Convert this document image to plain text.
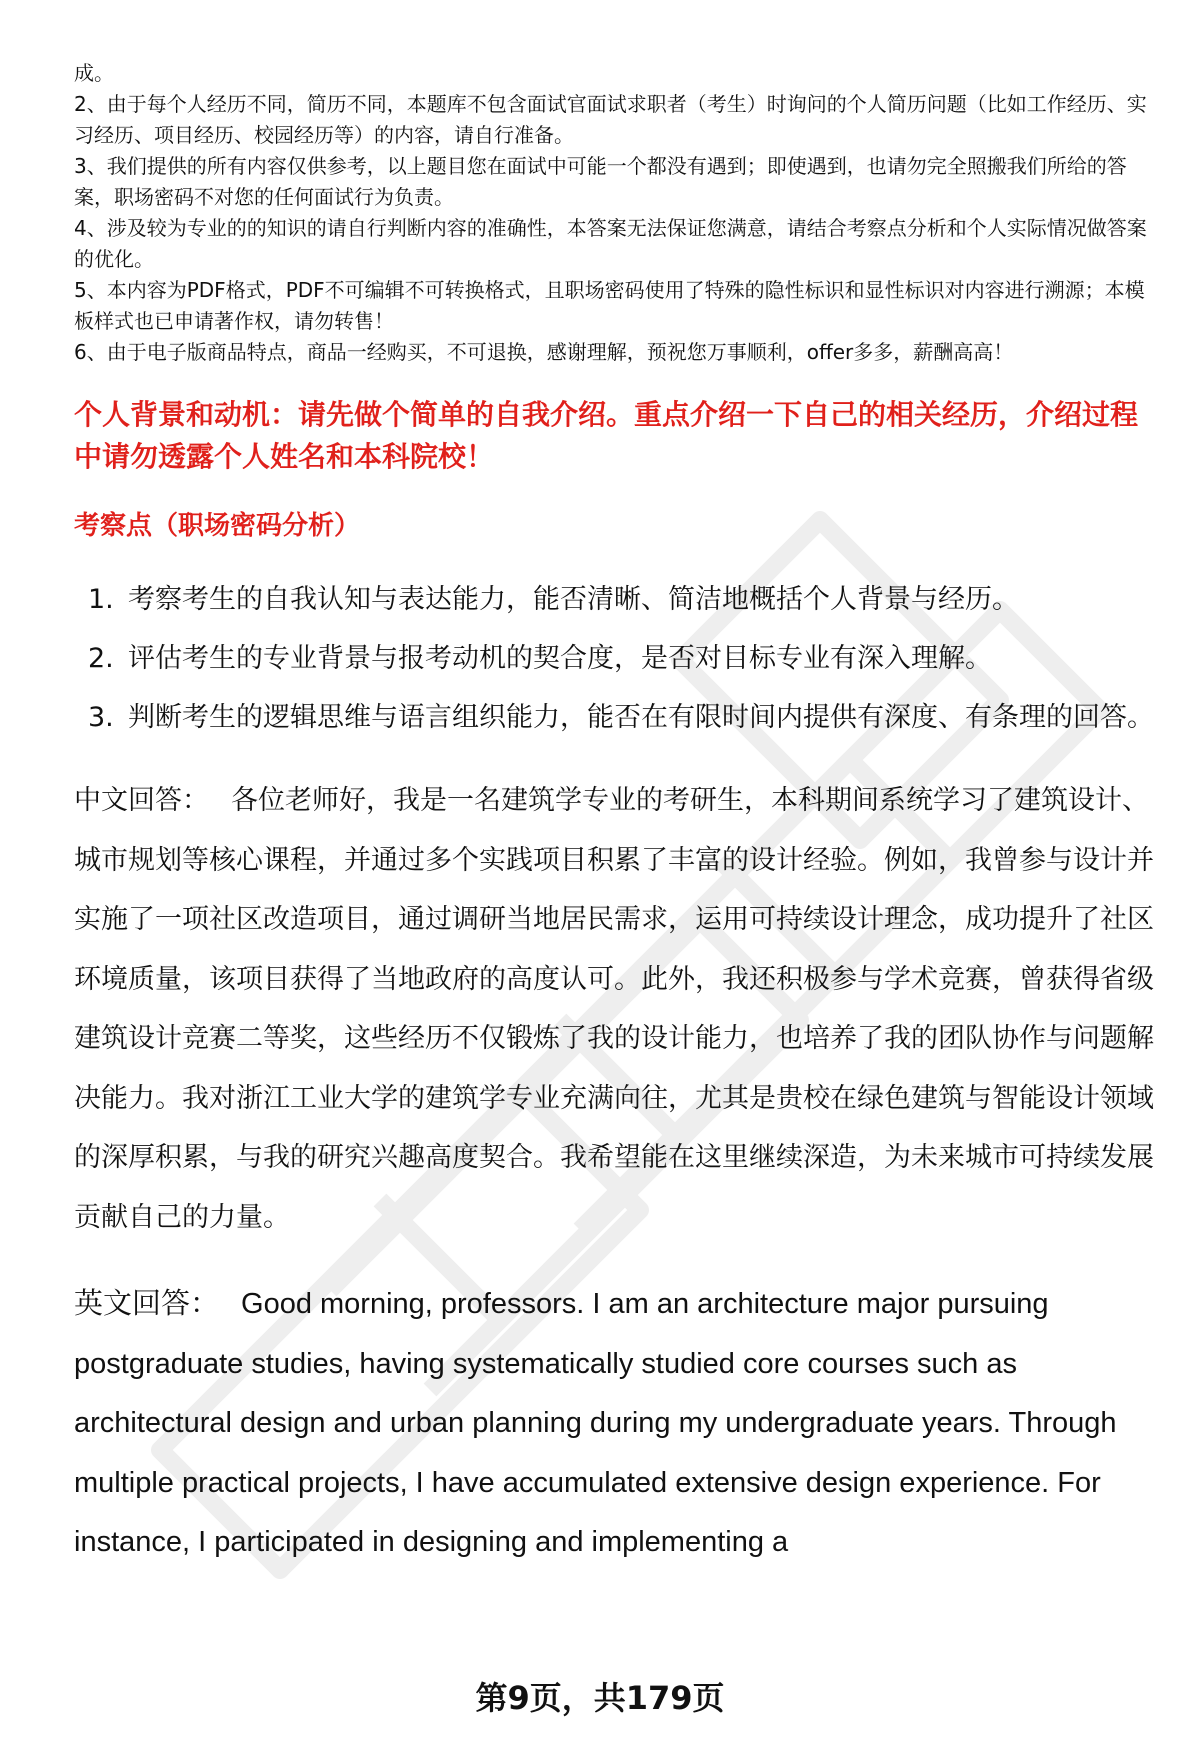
成。

2、由于每个人经历不同，简历不同，本题库不包含面试官面试求职者（考生）时询问的个人简历问题（比如工作经历、实习经历、项目经历、校园经历等）的内容，请自行准备。
3、我们提供的所有内容仅供参考，以上题目您在面试中可能一个都没有遇到；即使遇到，也请勿完全照搬我们所给的答案，职场密码不对您的任何面试行为负责。
4、涉及较为专业的的知识的请自行判断内容的准确性，本答案无法保证您满意，请结合考察点分析和个人实际情况做答案的优化。
5、本内容为PDF格式，PDF不可编辑不可转换格式，且职场密码使用了特殊的隐性标识和显性标识对内容进行溯源；本模板样式也已申请著作权，请勿转售！
6、由于电子版商品特点，商品一经购买，不可退换，感谢理解，预祝您万事顺利，offer多多，薪酬高高！

个人背景和动机：请先做个简单的自我介绍。重点介绍一下自己的相关经历，介绍过程中请勿透露个人姓名和本科院校！

考察点（职场密码分析）

1. 考察考生的自我认知与表达能力，能否清晰、简洁地概括个人背景与经历。
2. 评估考生的专业背景与报考动机的契合度，是否对目标专业有深入理解。
3. 判断考生的逻辑思维与语言组织能力，能否在有限时间内提供有深度、有条理的回答。

中文回答： 各位老师好，我是一名建筑学专业的考研生，本科期间系统学习了建筑设计、城市规划等核心课程，并通过多个实践项目积累了丰富的设计经验。例如，我曾参与设计并实施了一项社区改造项目，通过调研当地居民需求，运用可持续设计理念，成功提升了社区环境质量，该项目获得了当地政府的高度认可。此外，我还积极参与学术竞赛，曾获得省级建筑设计竞赛二等奖，这些经历不仅锻炼了我的设计能力，也培养了我的团队协作与问题解决能力。我对浙江工业大学的建筑学专业充满向往，尤其是贵校在绿色建筑与智能设计领域的深厚积累，与我的研究兴趣高度契合。我希望能在这里继续深造，为未来城市可持续发展贡献自己的力量。

英文回答： Good morning, professors. I am an architecture major pursuing postgraduate studies, having systematically studied core courses such as architectural design and urban planning during my undergraduate years. Through multiple practical projects, I have accumulated extensive design experience. For instance, I participated in designing and implementing a

第9页，共179页
